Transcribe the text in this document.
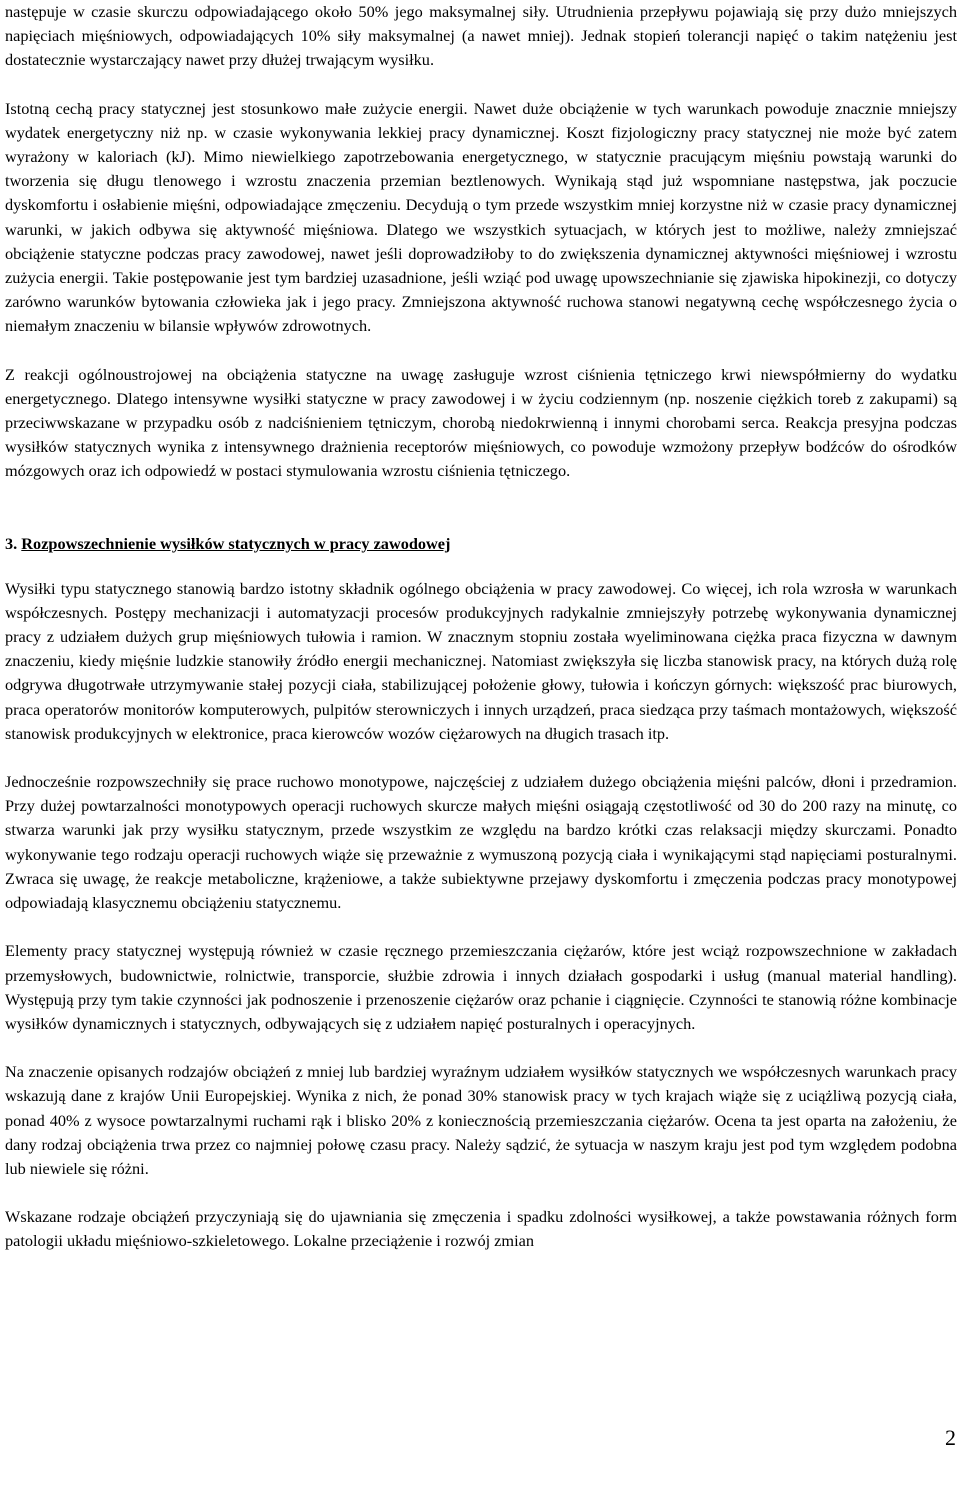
następuje w czasie skurczu odpowiadającego około 50% jego maksymalnej siły. Utrudnienia przepływu pojawiają się przy dużo mniejszych napięciach mięśniowych, odpowiadających 10% siły maksymalnej (a nawet mniej). Jednak stopień tolerancji napięć o takim natężeniu jest dostatecznie wystarczający nawet przy dłużej trwającym wysiłku.

Istotną cechą pracy statycznej jest stosunkowo małe zużycie energii. Nawet duże obciążenie w tych warunkach powoduje znacznie mniejszy wydatek energetyczny niż np. w czasie wykonywania lekkiej pracy dynamicznej. Koszt fizjologiczny pracy statycznej nie może być zatem wyrażony w kaloriach (kJ). Mimo niewielkiego zapotrzebowania energetycznego, w statycznie pracującym mięśniu powstają warunki do tworzenia się długu tlenowego i wzrostu znaczenia przemian beztlenowych. Wynikają stąd już wspomniane następstwa, jak poczucie dyskomfortu i osłabienie mięśni, odpowiadające zmęczeniu. Decydują o tym przede wszystkim mniej korzystne niż w czasie pracy dynamicznej warunki, w jakich odbywa się aktywność mięśniowa. Dlatego we wszystkich sytuacjach, w których jest to możliwe, należy zmniejszać obciążenie statyczne podczas pracy zawodowej, nawet jeśli doprowadziłoby to do zwiększenia dynamicznej aktywności mięśniowej i wzrostu zużycia energii. Takie postępowanie jest tym bardziej uzasadnione, jeśli wziąć pod uwagę upowszechnianie się zjawiska hipokinezji, co dotyczy zarówno warunków bytowania człowieka jak i jego pracy. Zmniejszona aktywność ruchowa stanowi negatywną cechę współczesnego życia o niemałym znaczeniu w bilansie wpływów zdrowotnych.

Z reakcji ogólnoustrojowej na obciążenia statyczne na uwagę zasługuje wzrost ciśnienia tętniczego krwi niewspółmierny do wydatku energetycznego. Dlatego intensywne wysiłki statyczne w pracy zawodowej i w życiu codziennym (np. noszenie ciężkich toreb z zakupami) są przeciwwskazane w przypadku osób z nadciśnieniem tętniczym, chorobą niedokrwienną i innymi chorobami serca. Reakcja presyjna podczas wysiłków statycznych wynika z intensywnego drażnienia receptorów mięśniowych, co powoduje wzmożony przepływ bodźców do ośrodków mózgowych oraz ich odpowiedź w postaci stymulowania wzrostu ciśnienia tętniczego.

3. Rozpowszechnienie wysiłków statycznych w pracy zawodowej

Wysiłki typu statycznego stanowią bardzo istotny składnik ogólnego obciążenia w pracy zawodowej. Co więcej, ich rola wzrosła w warunkach współczesnych. Postępy mechanizacji i automatyzacji procesów produkcyjnych radykalnie zmniejszyły potrzebę wykonywania dynamicznej pracy z udziałem dużych grup mięśniowych tułowia i ramion. W znacznym stopniu została wyeliminowana ciężka praca fizyczna w dawnym znaczeniu, kiedy mięśnie ludzkie stanowiły źródło energii mechanicznej. Natomiast zwiększyła się liczba stanowisk pracy, na których dużą rolę odgrywa długotrwałe utrzymywanie stałej pozycji ciała, stabilizującej położenie głowy, tułowia i kończyn górnych: większość prac biurowych, praca operatorów monitorów komputerowych, pulpitów sterowniczych i innych urządzeń, praca siedząca przy taśmach montażowych, większość stanowisk produkcyjnych w elektronice, praca kierowców wozów ciężarowych na długich trasach itp.

Jednocześnie rozpowszechniły się prace ruchowo monotypowe, najczęściej z udziałem dużego obciążenia mięśni palców, dłoni i przedramion. Przy dużej powtarzalności monotypowych operacji ruchowych skurcze małych mięśni osiągają częstotliwość od 30 do 200 razy na minutę, co stwarza warunki jak przy wysiłku statycznym, przede wszystkim ze względu na bardzo krótki czas relaksacji między skurczami. Ponadto wykonywanie tego rodzaju operacji ruchowych wiąże się przeważnie z wymuszoną pozycją ciała i wynikającymi stąd napięciami posturalnymi. Zwraca się uwagę, że reakcje metaboliczne, krążeniowe, a także subiektywne przejawy dyskomfortu i zmęczenia podczas pracy monotypowej odpowiadają klasycznemu obciążeniu statycznemu.

Elementy pracy statycznej występują również w czasie ręcznego przemieszczania ciężarów, które jest wciąż rozpowszechnione w zakładach przemysłowych, budownictwie, rolnictwie, transporcie, służbie zdrowia i innych działach gospodarki i usług (manual material handling). Występują przy tym takie czynności jak podnoszenie i przenoszenie ciężarów oraz pchanie i ciągnięcie. Czynności te stanowią różne kombinacje wysiłków dynamicznych i statycznych, odbywających się z udziałem napięć posturalnych i operacyjnych.

Na znaczenie opisanych rodzajów obciążeń z mniej lub bardziej wyraźnym udziałem wysiłków statycznych we współczesnych warunkach pracy wskazują dane z krajów Unii Europejskiej. Wynika z nich, że ponad 30% stanowisk pracy w tych krajach wiąże się z uciążliwą pozycją ciała, ponad 40% z wysoce powtarzalnymi ruchami rąk i blisko 20% z koniecznością przemieszczania ciężarów. Ocena ta jest oparta na założeniu, że dany rodzaj obciążenia trwa przez co najmniej połowę czasu pracy. Należy sądzić, że sytuacja w naszym kraju jest pod tym względem podobna lub niewiele się różni.

Wskazane rodzaje obciążeń przyczyniają się do ujawniania się zmęczenia i spadku zdolności wysiłkowej, a także powstawania różnych form patologii układu mięśniowo-szkieletowego. Lokalne przeciążenie i rozwój zmian

2
